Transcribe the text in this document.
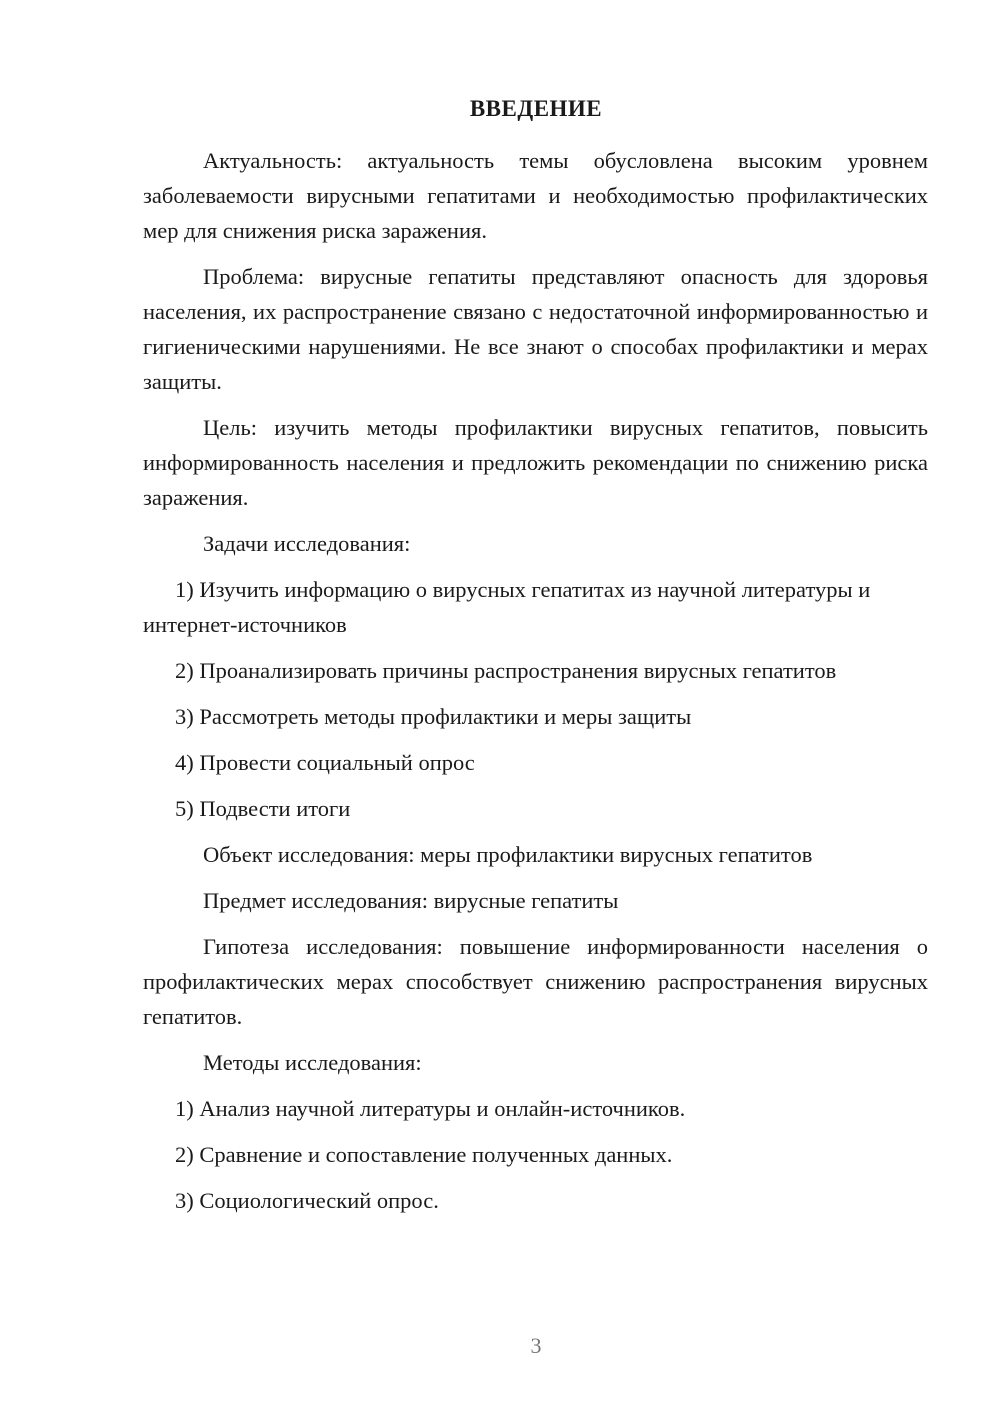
ВВЕДЕНИЕ

Актуальность: актуальность темы обусловлена высоким уровнем заболеваемости вирусными гепатитами и необходимостью профилактических мер для снижения риска заражения.

Проблема: вирусные гепатиты представляют опасность для здоровья населения, их распространение связано с недостаточной информированностью и гигиеническими нарушениями. Не все знают о способах профилактики и мерах защиты.

Цель: изучить методы профилактики вирусных гепатитов, повысить информированность населения и предложить рекомендации по снижению риска заражения.

Задачи исследования:

1) Изучить информацию о вирусных гепатитах из научной литературы и интернет-источников

2) Проанализировать причины распространения вирусных гепатитов

3) Рассмотреть методы профилактики и меры защиты

4) Провести социальный опрос

5) Подвести итоги

Объект исследования: меры профилактики вирусных гепатитов

Предмет исследования: вирусные гепатиты

Гипотеза исследования: повышение информированности населения о профилактических мерах способствует снижению распространения вирусных гепатитов.

Методы исследования:

1) Анализ научной литературы и онлайн-источников.

2) Сравнение и сопоставление полученных данных.

3) Социологический опрос.

3
